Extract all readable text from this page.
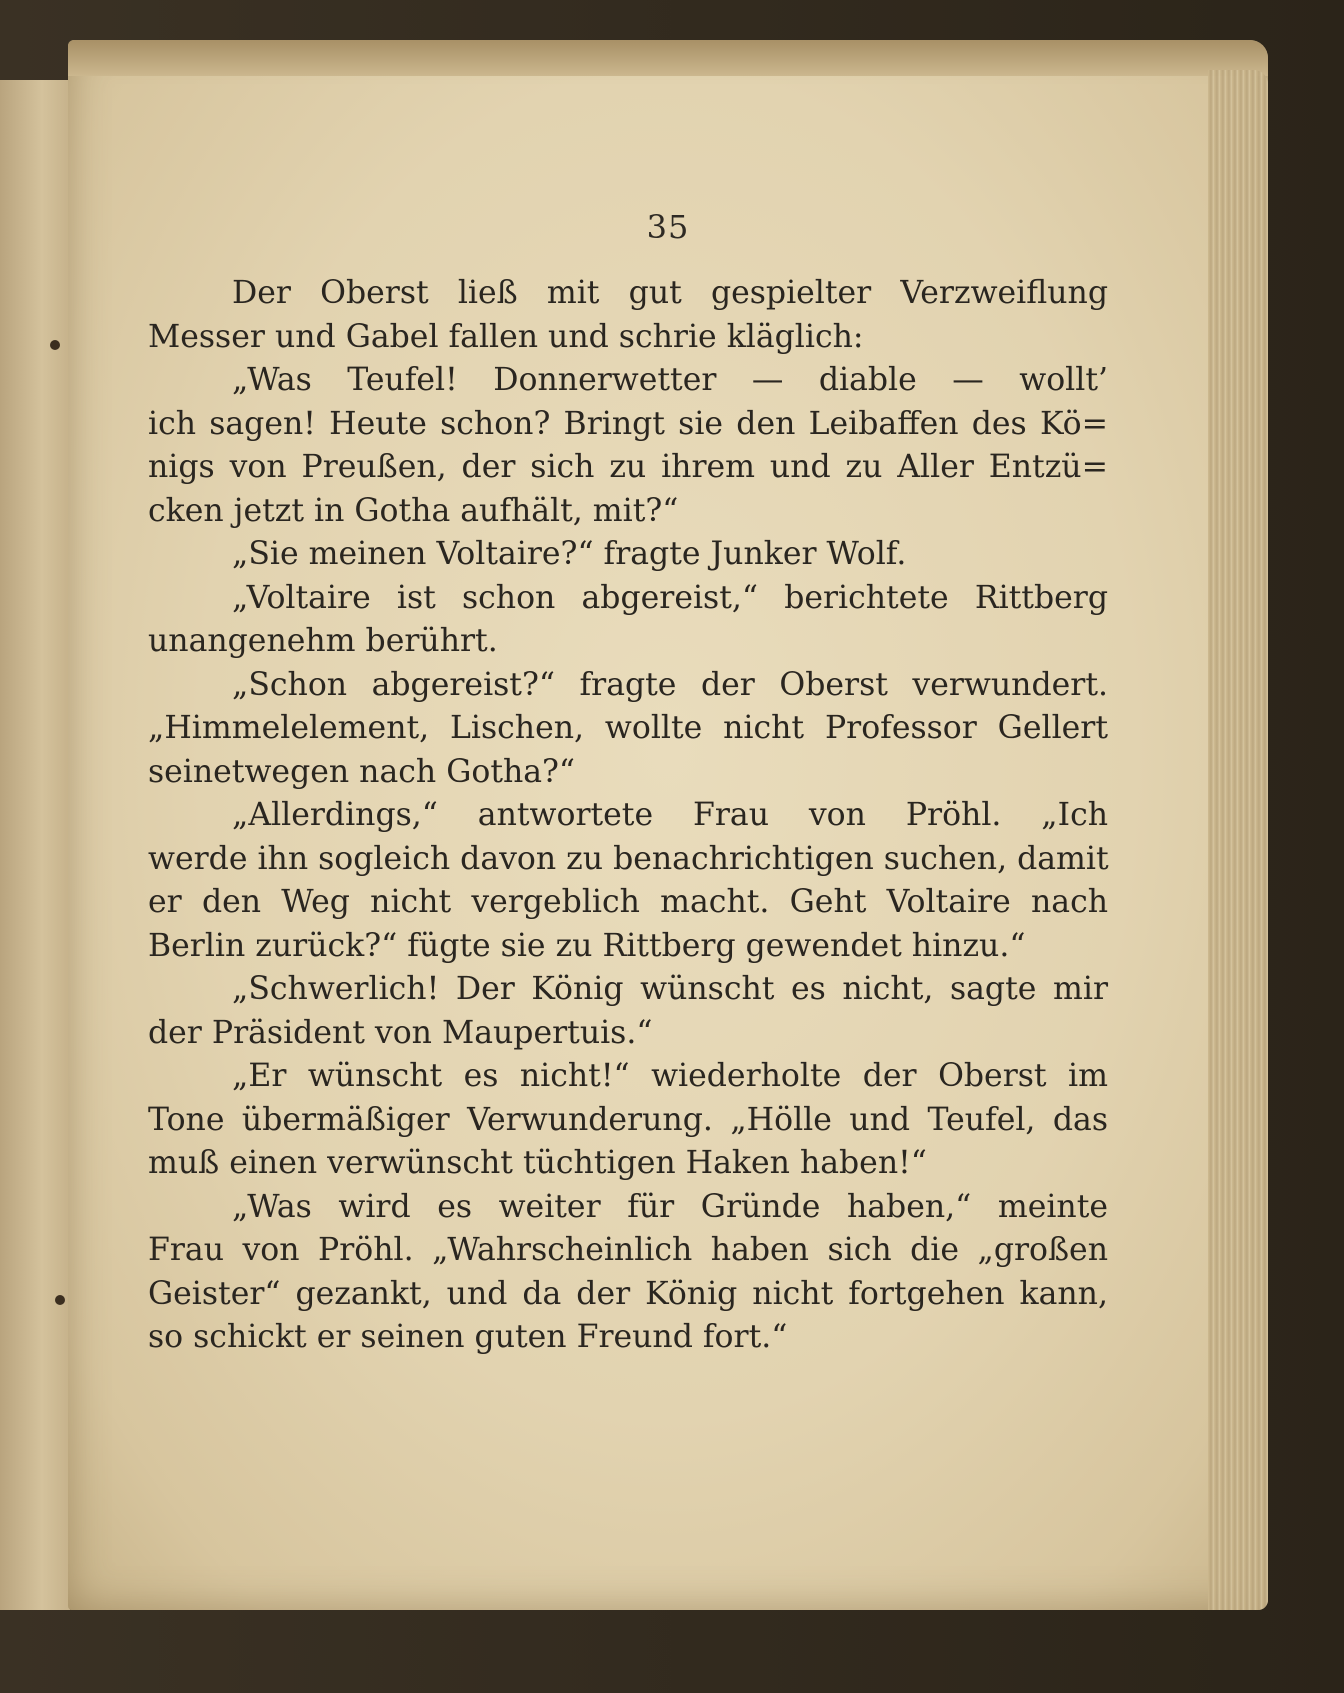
35
Der Oberst ließ mit gut gespielter Verzweiflung
Messer und Gabel fallen und schrie kläglich:
„Was Teufel! Donnerwetter — diable — wollt’
ich sagen! Heute schon? Bringt sie den Leibaffen des Kö=
nigs von Preußen, der sich zu ihrem und zu Aller Entzü=
cken jetzt in Gotha aufhält, mit?“
„Sie meinen Voltaire?“ fragte Junker Wolf.
„Voltaire ist schon abgereist,“ berichtete Rittberg
unangenehm berührt.
„Schon abgereist?“ fragte der Oberst verwundert.
„Himmelelement, Lischen, wollte nicht Professor Gellert
seinetwegen nach Gotha?“
„Allerdings,“ antwortete Frau von Pröhl. „Ich
werde ihn sogleich davon zu benachrichtigen suchen, damit
er den Weg nicht vergeblich macht. Geht Voltaire nach
Berlin zurück?“ fügte sie zu Rittberg gewendet hinzu.“
„Schwerlich! Der König wünscht es nicht, sagte mir
der Präsident von Maupertuis.“
„Er wünscht es nicht!“ wiederholte der Oberst im
Tone übermäßiger Verwunderung. „Hölle und Teufel, das
muß einen verwünscht tüchtigen Haken haben!“
„Was wird es weiter für Gründe haben,“ meinte
Frau von Pröhl. „Wahrscheinlich haben sich die „großen
Geister“ gezankt, und da der König nicht fortgehen kann,
so schickt er seinen guten Freund fort.“
